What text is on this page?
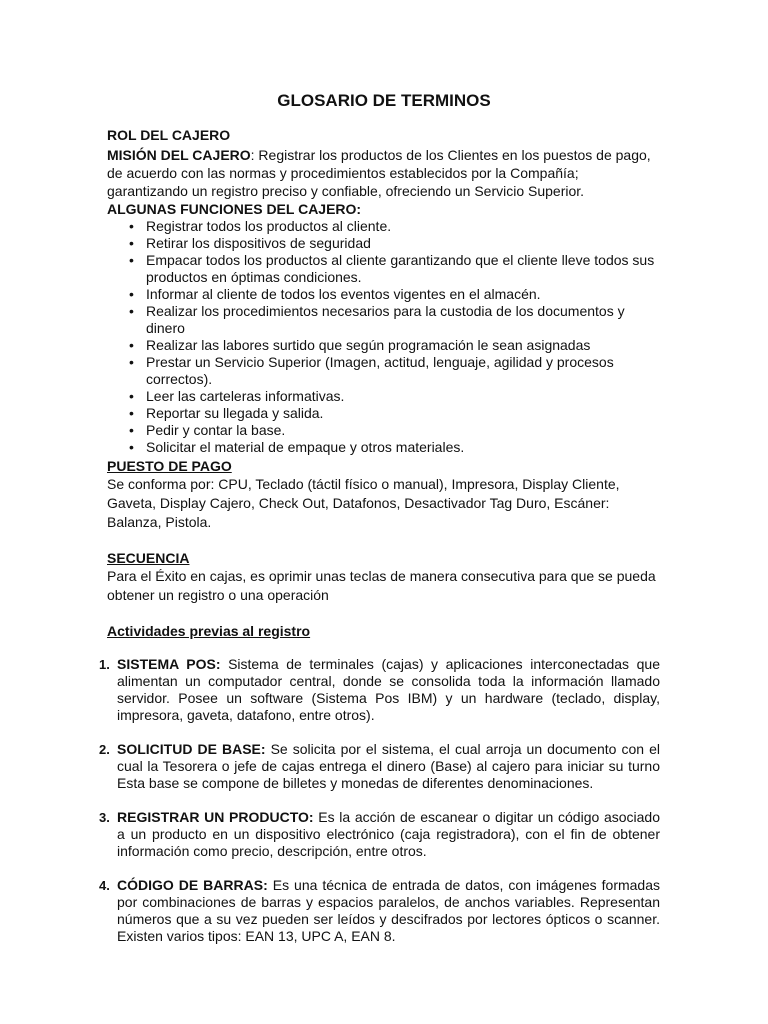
GLOSARIO DE TERMINOS

ROL DEL CAJERO

MISIÓN DEL CAJERO: Registrar los productos de los Clientes en los puestos de pago, de acuerdo con las normas y procedimientos establecidos por la Compañía; garantizando un registro preciso y confiable, ofreciendo un Servicio Superior.

ALGUNAS FUNCIONES DEL CAJERO:

• Registrar todos los productos al cliente.
• Retirar los dispositivos de seguridad
• Empacar todos los productos al cliente garantizando que el cliente lleve todos sus productos en óptimas condiciones.
• Informar al cliente de todos los eventos vigentes en el almacén.
• Realizar los procedimientos necesarios para la custodia de los documentos y dinero
• Realizar las labores surtido que según programación le sean asignadas
• Prestar un Servicio Superior (Imagen, actitud, lenguaje, agilidad y procesos correctos).
• Leer las carteleras informativas.
• Reportar su llegada y salida.
• Pedir y contar la base.
• Solicitar el material de empaque y otros materiales.

PUESTO DE PAGO

Se conforma por: CPU, Teclado (táctil físico o manual), Impresora, Display Cliente, Gaveta, Display Cajero, Check Out, Datafonos, Desactivador Tag Duro, Escáner: Balanza, Pistola.

SECUENCIA

Para el Éxito en cajas, es oprimir unas teclas de manera consecutiva para que se pueda obtener un registro o una operación

Actividades previas al registro

1. SISTEMA POS: Sistema de terminales (cajas) y aplicaciones interconectadas que alimentan un computador central, donde se consolida toda la información llamado servidor. Posee un software (Sistema Pos IBM) y un hardware (teclado, display, impresora, gaveta, datafono, entre otros).
2. SOLICITUD DE BASE: Se solicita por el sistema, el cual arroja un documento con el cual la Tesorera o jefe de cajas entrega el dinero (Base) al cajero para iniciar su turno Esta base se compone de billetes y monedas de diferentes denominaciones.
3. REGISTRAR UN PRODUCTO: Es la acción de escanear o digitar un código asociado a un producto en un dispositivo electrónico (caja registradora), con el fin de obtener información como precio, descripción, entre otros.
4. CÓDIGO DE BARRAS: Es una técnica de entrada de datos, con imágenes formadas por combinaciones de barras y espacios paralelos, de anchos variables. Representan números que a su vez pueden ser leídos y descifrados por lectores ópticos o scanner. Existen varios tipos: EAN 13, UPC A, EAN 8.
